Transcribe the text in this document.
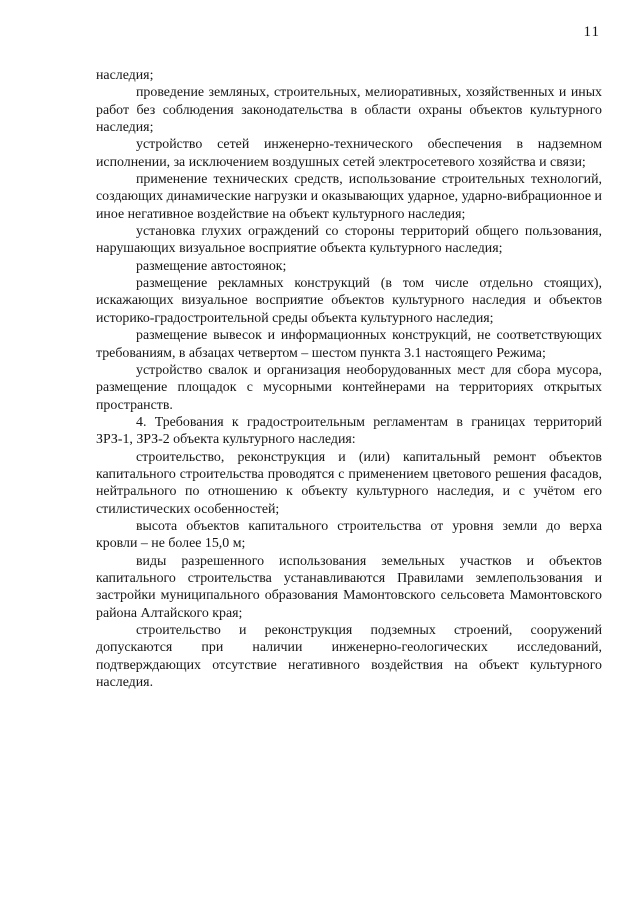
11

наследия;

проведение земляных, строительных, мелиоративных, хозяйственных и иных работ без соблюдения законодательства в области охраны объектов культурного наследия;

устройство сетей инженерно-технического обеспечения в надземном исполнении, за исключением воздушных сетей электросетевого хозяйства и связи;

применение технических средств, использование строительных технологий, создающих динамические нагрузки и оказывающих ударное, ударно-вибрационное и иное негативное воздействие на объект культурного наследия;

установка глухих ограждений со стороны территорий общего пользования, нарушающих визуальное восприятие объекта культурного наследия;

размещение автостоянок;

размещение рекламных конструкций (в том числе отдельно стоящих), искажающих визуальное восприятие объектов культурного наследия и объектов историко-градостроительной среды объекта культурного наследия;

размещение вывесок и информационных конструкций, не соответствующих требованиям, в абзацах четвертом – шестом пункта 3.1 настоящего Режима;

устройство свалок и организация необорудованных мест для сбора мусора, размещение площадок с мусорными контейнерами на территориях открытых пространств.

4. Требования к градостроительным регламентам в границах территорий ЗРЗ-1, ЗРЗ-2 объекта культурного наследия:

строительство, реконструкция и (или) капитальный ремонт объектов капитального строительства проводятся с применением цветового решения фасадов, нейтрального по отношению к объекту культурного наследия, и с учётом его стилистических особенностей;

высота объектов капитального строительства от уровня земли до верха кровли – не более 15,0 м;

виды разрешенного использования земельных участков и объектов капитального строительства устанавливаются Правилами землепользования и застройки муниципального образования Мамонтовского сельсовета Мамонтовского района Алтайского края;

строительство и реконструкция подземных строений, сооружений допускаются при наличии инженерно-геологических исследований, подтверждающих отсутствие негативного воздействия на объект культурного наследия.
